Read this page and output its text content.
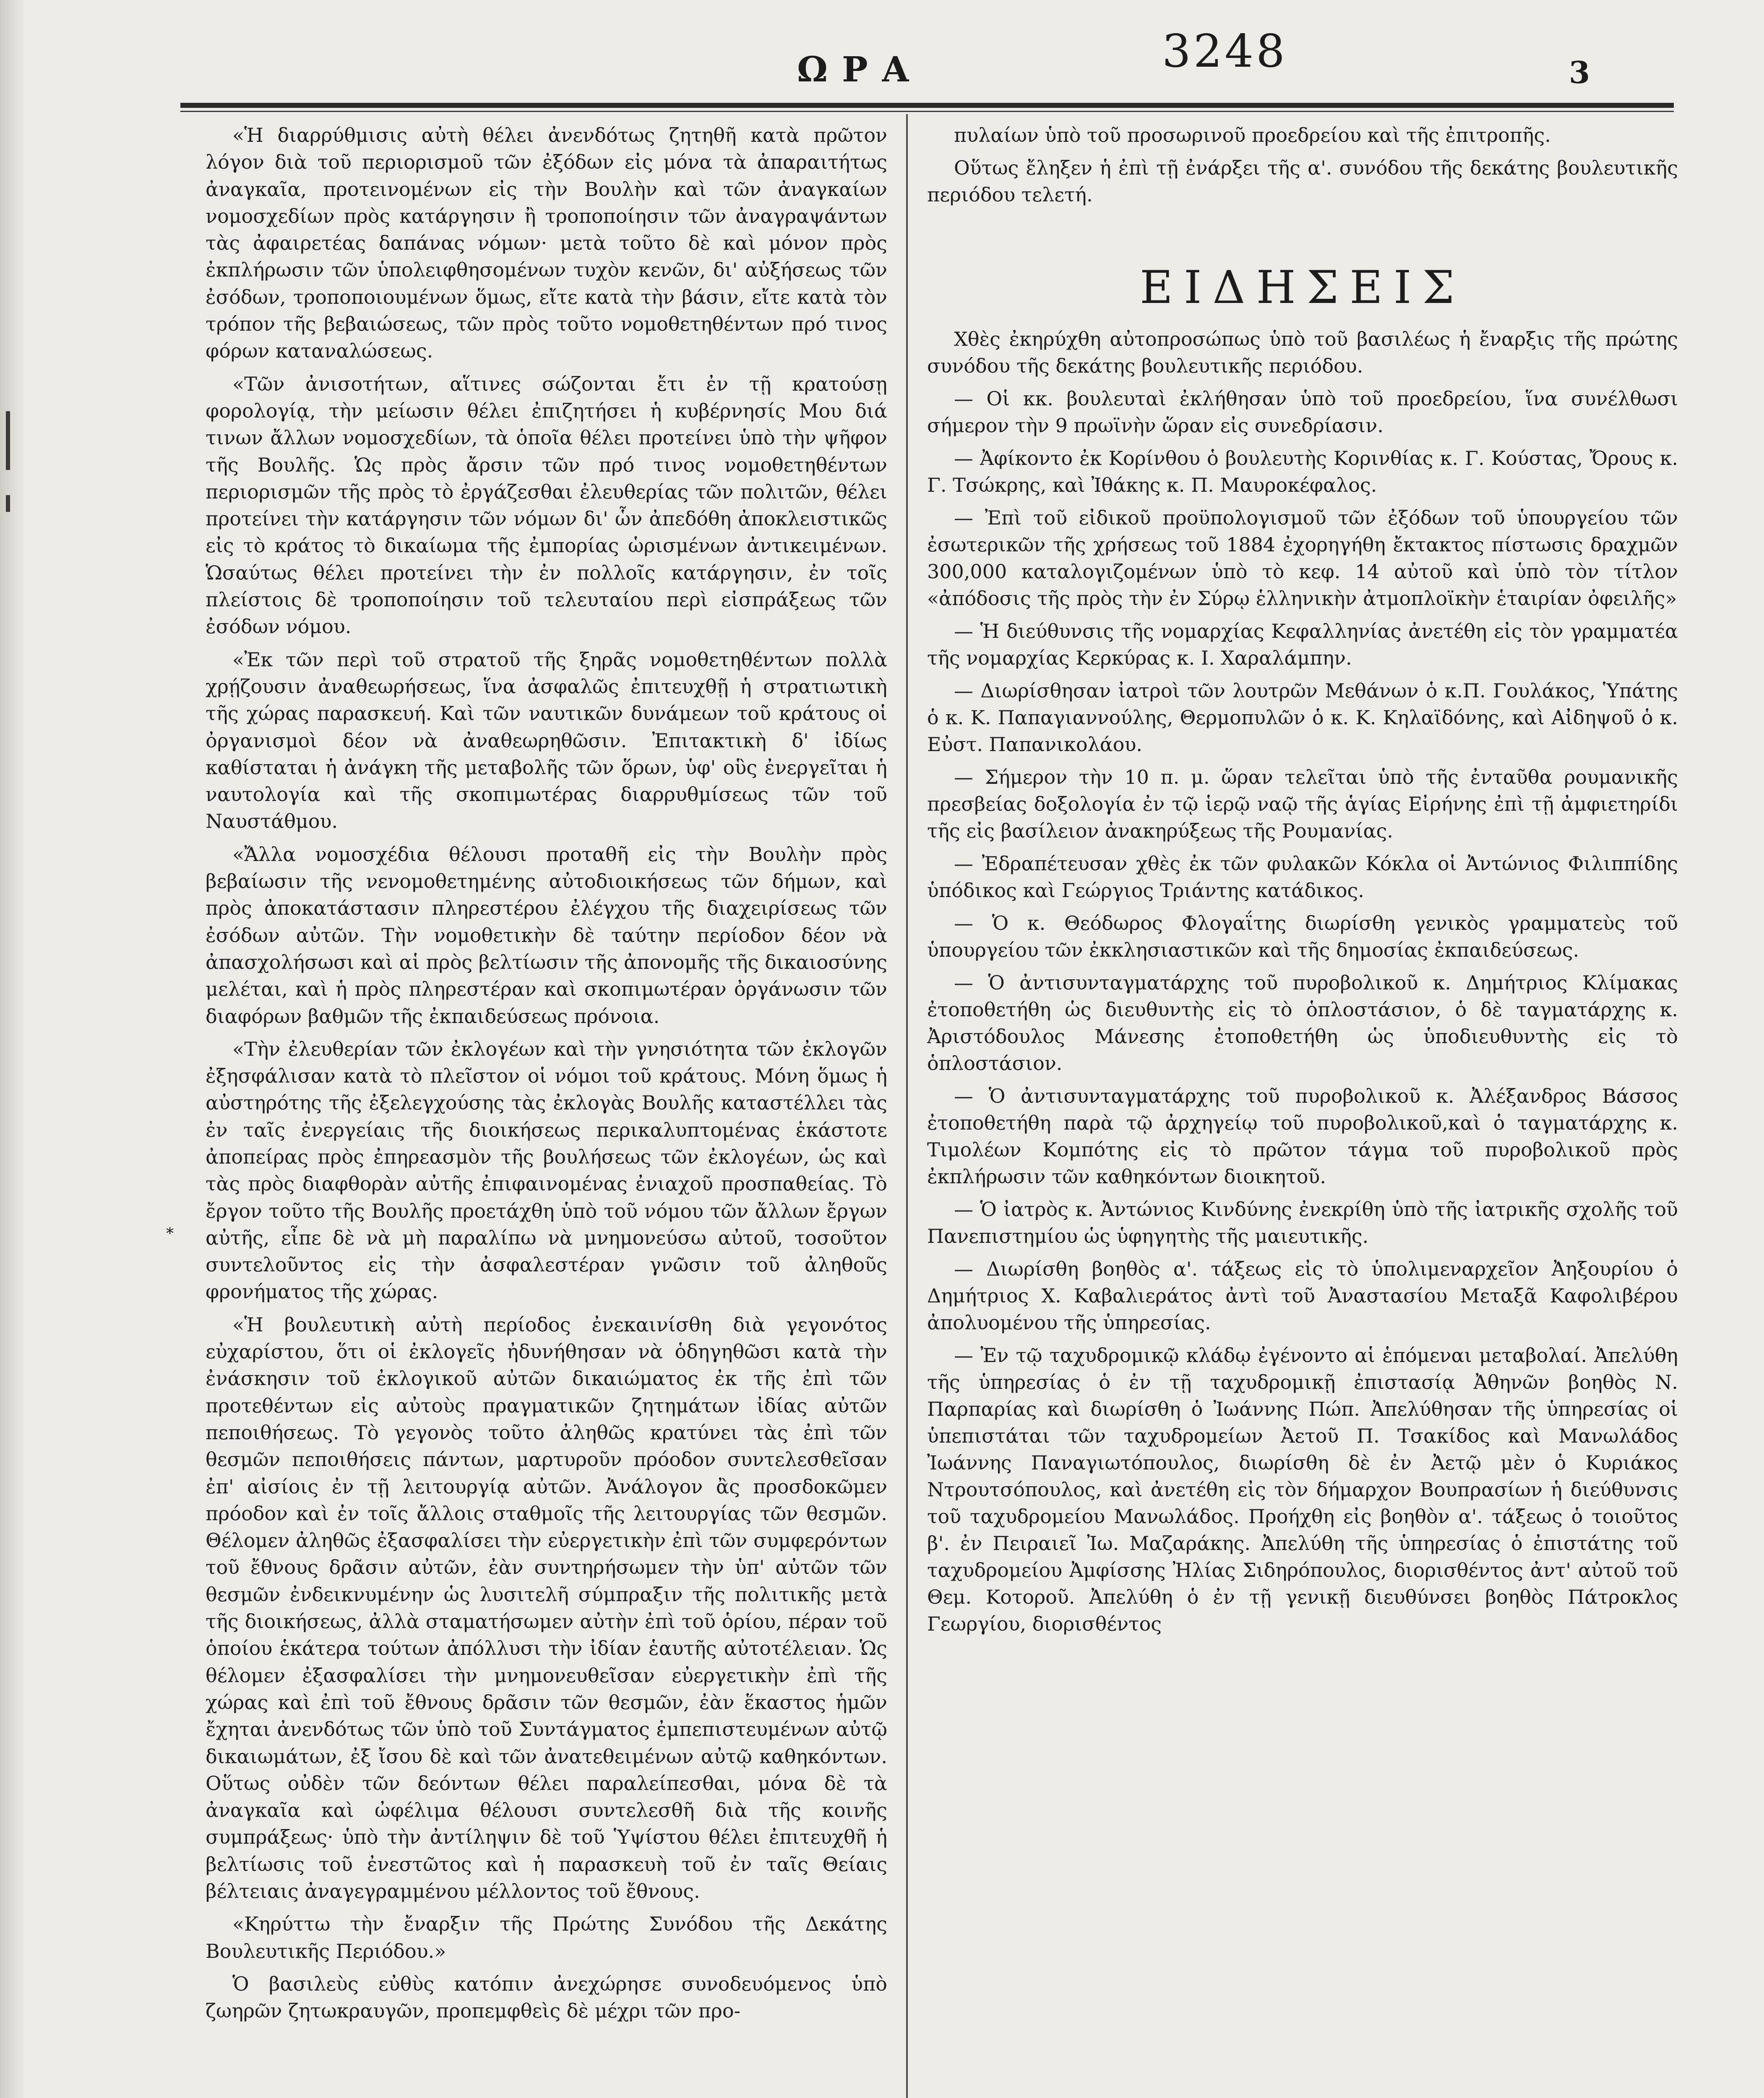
ΩΡΑ	3248	3
*

«Ἡ διαρρύθμισις αὐτὴ θέλει ἀνενδότως ζητηθῆ κατὰ πρῶτον λόγον διὰ τοῦ περιορισμοῦ τῶν ἐξόδων εἰς μόνα τὰ ἀπαραιτήτως ἀναγκαῖα, προτεινομένων εἰς τὴν Βουλὴν καὶ τῶν ἀναγκαίων νομοσχεδίων πρὸς κατάργησιν ἢ τροποποίησιν τῶν ἀναγραψάντων τὰς ἀφαιρετέας δαπάνας νόμων· μετὰ τοῦτο δὲ καὶ μόνον πρὸς ἐκπλήρωσιν τῶν ὑπολειφθησομένων τυχὸν κενῶν, δι' αὐξήσεως τῶν ἐσόδων, τροποποιουμένων ὅμως, εἴτε κατὰ τὴν βάσιν, εἴτε κατὰ τὸν τρόπον τῆς βεβαιώσεως, τῶν πρὸς τοῦτο νομοθετηθέντων πρό τινος φόρων καταναλώσεως.

«Τῶν ἀνισοτήτων, αἵτινες σώζονται ἔτι ἐν τῇ κρατούσῃ φορολογίᾳ, τὴν μείωσιν θέλει ἐπιζητήσει ἡ κυβέρνησίς Μου διά τινων ἄλλων νομοσχεδίων, τὰ ὁποῖα θέλει προτείνει ὑπὸ τὴν ψῆφον τῆς Βουλῆς. Ὡς πρὸς ἄρσιν τῶν πρό τινος νομοθετηθέντων περιορισμῶν τῆς πρὸς τὸ ἐργάζεσθαι ἐλευθερίας τῶν πολιτῶν, θέλει προτείνει τὴν κατάργησιν τῶν νόμων δι' ὧν ἀπεδόθη ἀποκλειστικῶς εἰς τὸ κράτος τὸ δικαίωμα τῆς ἐμπορίας ὡρισμένων ἀντικειμένων. Ὡσαύτως θέλει προτείνει τὴν ἐν πολλοῖς κατάργησιν, ἐν τοῖς πλείστοις δὲ τροποποίησιν τοῦ τελευταίου περὶ εἰσπράξεως τῶν ἐσόδων νόμου.

«Ἐκ τῶν περὶ τοῦ στρατοῦ τῆς ξηρᾶς νομοθετηθέντων πολλὰ χρῄζουσιν ἀναθεωρήσεως, ἵνα ἀσφαλῶς ἐπιτευχθῇ ἡ στρατιωτικὴ τῆς χώρας παρασκευή. Καὶ τῶν ναυτικῶν δυνάμεων τοῦ κράτους οἱ ὀργανισμοὶ δέον νὰ ἀναθεωρηθῶσιν. Ἐπιτακτικὴ δ' ἰδίως καθίσταται ἡ ἀνάγκη τῆς μεταβολῆς τῶν ὅρων, ὑφ' οὓς ἐνεργεῖται ἡ ναυτολογία καὶ τῆς σκοπιμωτέρας διαρρυθμίσεως τῶν τοῦ Ναυστάθμου.

«Ἄλλα νομοσχέδια θέλουσι προταθῆ εἰς τὴν Βουλὴν πρὸς βεβαίωσιν τῆς νενομοθετημένης αὐτοδιοικήσεως τῶν δήμων, καὶ πρὸς ἀποκατάστασιν πληρεστέρου ἐλέγχου τῆς διαχειρίσεως τῶν ἐσόδων αὐτῶν. Τὴν νομοθετικὴν δὲ ταύτην περίοδον δέον νὰ ἀπασχολήσωσι καὶ αἱ πρὸς βελτίωσιν τῆς ἀπονομῆς τῆς δικαιοσύνης μελέται, καὶ ἡ πρὸς πληρεστέραν καὶ σκοπιμωτέραν ὀργάνωσιν τῶν διαφόρων βαθμῶν τῆς ἐκπαιδεύσεως πρόνοια.

«Τὴν ἐλευθερίαν τῶν ἐκλογέων καὶ τὴν γνησιότητα τῶν ἐκλογῶν ἐξησφάλισαν κατὰ τὸ πλεῖστον οἱ νόμοι τοῦ κράτους. Μόνη ὅμως ἡ αὐστηρότης τῆς ἐξελεγχούσης τὰς ἐκλογὰς Βουλῆς καταστέλλει τὰς ἐν ταῖς ἐνεργείαις τῆς διοικήσεως περικαλυπτομένας ἑκάστοτε ἀποπείρας πρὸς ἐπηρεασμὸν τῆς βουλήσεως τῶν ἐκλογέων, ὡς καὶ τὰς πρὸς διαφθορὰν αὐτῆς ἐπιφαινομένας ἐνιαχοῦ προσπαθείας. Τὸ ἔργον τοῦτο τῆς Βουλῆς προετάχθη ὑπὸ τοῦ νόμου τῶν ἄλλων ἔργων αὐτῆς, εἶπε δὲ νὰ μὴ παραλίπω νὰ μνημονεύσω αὐτοῦ, τοσοῦτον συντελοῦντος εἰς τὴν ἀσφαλεστέραν γνῶσιν τοῦ ἀληθοῦς φρονήματος τῆς χώρας.

«Ἡ βουλευτικὴ αὐτὴ περίοδος ἐνεκαινίσθη διὰ γεγονότος εὐχαρίστου, ὅτι οἱ ἐκλογεῖς ἠδυνήθησαν νὰ ὁδηγηθῶσι κατὰ τὴν ἐνάσκησιν τοῦ ἐκλογικοῦ αὐτῶν δικαιώματος ἐκ τῆς ἐπὶ τῶν προτεθέντων εἰς αὐτοὺς πραγματικῶν ζητημάτων ἰδίας αὐτῶν πεποιθήσεως. Τὸ γεγονὸς τοῦτο ἀληθῶς κρατύνει τὰς ἐπὶ τῶν θεσμῶν πεποιθήσεις πάντων, μαρτυροῦν πρόοδον συντελεσθεῖσαν ἐπ' αἰσίοις ἐν τῇ λειτουργίᾳ αὐτῶν. Ἀνάλογον ἂς προσδοκῶμεν πρόοδον καὶ ἐν τοῖς ἄλλοις σταθμοῖς τῆς λειτουργίας τῶν θεσμῶν. Θέλομεν ἀληθῶς ἐξασφαλίσει τὴν εὐεργετικὴν ἐπὶ τῶν συμφερόντων τοῦ ἔθνους δρᾶσιν αὐτῶν, ἐὰν συντηρήσωμεν τὴν ὑπ' αὐτῶν τῶν θεσμῶν ἐνδεικνυμένην ὡς λυσιτελῆ σύμπραξιν τῆς πολιτικῆς μετὰ τῆς διοικήσεως, ἀλλὰ σταματήσωμεν αὐτὴν ἐπὶ τοῦ ὁρίου, πέραν τοῦ ὁποίου ἑκάτερα τούτων ἀπόλλυσι τὴν ἰδίαν ἑαυτῆς αὐτοτέλειαν. Ὡς θέλομεν ἐξασφαλίσει τὴν μνημονευθεῖσαν εὐεργετικὴν ἐπὶ τῆς χώρας καὶ ἐπὶ τοῦ ἔθνους δρᾶσιν τῶν θεσμῶν, ἐὰν ἕκαστος ἡμῶν ἔχηται ἀνενδότως τῶν ὑπὸ τοῦ Συντάγματος ἐμπεπιστευμένων αὐτῷ δικαιωμάτων, ἐξ ἴσου δὲ καὶ τῶν ἀνατεθειμένων αὐτῷ καθηκόντων. Οὕτως οὐδὲν τῶν δεόντων θέλει παραλείπεσθαι, μόνα δὲ τὰ ἀναγκαῖα καὶ ὠφέλιμα θέλουσι συντελεσθῆ διὰ τῆς κοινῆς συμπράξεως· ὑπὸ τὴν ἀντίληψιν δὲ τοῦ Ὑψίστου θέλει ἐπιτευχθῆ ἡ βελτίωσις τοῦ ἐνεστῶτος καὶ ἡ παρασκευὴ τοῦ ἐν ταῖς Θείαις βέλτειαις ἀναγεγραμμένου μέλλοντος τοῦ ἔθνους.

«Κηρύττω τὴν ἔναρξιν τῆς Πρώτης Συνόδου τῆς Δεκάτης Βουλευτικῆς Περιόδου.»

Ὁ βασιλεὺς εὐθὺς κατόπιν ἀνεχώρησε συνοδευόμενος ὑπὸ ζωηρῶν ζητωκραυγῶν, προπεμφθεὶς δὲ μέχρι τῶν προ-

πυλαίων ὑπὸ τοῦ προσωρινοῦ προεδρείου καὶ τῆς ἐπιτροπῆς.

Οὕτως ἔληξεν ἡ ἐπὶ τῇ ἐνάρξει τῆς α'. συνόδου τῆς δεκάτης βουλευτικῆς περιόδου τελετή.

ΕΙΔΗΣΕΙΣ

Χθὲς ἐκηρύχθη αὐτοπροσώπως ὑπὸ τοῦ βασιλέως ἡ ἔναρξις τῆς πρώτης συνόδου τῆς δεκάτης βουλευτικῆς περιόδου.

— Οἱ κκ. βουλευταὶ ἐκλήθησαν ὑπὸ τοῦ προεδρείου, ἵνα συνέλθωσι σήμερον τὴν 9 πρωϊνὴν ὥραν εἰς συνεδρίασιν.

— Ἀφίκοντο ἐκ Κορίνθου ὁ βουλευτὴς Κορινθίας κ. Γ. Κούστας, Ὄρους κ. Γ. Τσώκρης, καὶ Ἰθάκης κ. Π. Μαυροκέφαλος.

— Ἐπὶ τοῦ εἰδικοῦ προϋπολογισμοῦ τῶν ἐξόδων τοῦ ὑπουργείου τῶν ἐσωτερικῶν τῆς χρήσεως τοῦ 1884 ἐχορηγήθη ἔκτακτος πίστωσις δραχμῶν 300,000 καταλογιζομένων ὑπὸ τὸ κεφ. 14 αὐτοῦ καὶ ὑπὸ τὸν τίτλον «ἀπόδοσις τῆς πρὸς τὴν ἐν Σύρῳ ἑλληνικὴν ἀτμοπλοϊκὴν ἑταιρίαν ὀφειλῆς»

— Ἡ διεύθυνσις τῆς νομαρχίας Κεφαλληνίας ἀνετέθη εἰς τὸν γραμματέα τῆς νομαρχίας Κερκύρας κ. Ι. Χαραλάμπην.

— Διωρίσθησαν ἰατροὶ τῶν λουτρῶν Μεθάνων ὁ κ.Π. Γουλάκος, Ὑπάτης ὁ κ. Κ. Παπαγιαννούλης, Θερμοπυλῶν ὁ κ. Κ. Κηλαϊδόνης, καὶ Αἰδηψοῦ ὁ κ. Εὐστ. Παπανικολάου.

— Σήμερον τὴν 10 π. μ. ὥραν τελεῖται ὑπὸ τῆς ἐνταῦθα ρουμανικῆς πρεσβείας δοξολογία ἐν τῷ ἱερῷ ναῷ τῆς ἁγίας Εἰρήνης ἐπὶ τῇ ἀμφιετηρίδι τῆς εἰς βασίλειον ἀνακηρύξεως τῆς Ρουμανίας.

— Ἐδραπέτευσαν χθὲς ἐκ τῶν φυλακῶν Κόκλα οἱ Ἀντώνιος Φιλιππίδης ὑπόδικος καὶ Γεώργιος Τριάντης κατάδικος.

— Ὁ κ. Θεόδωρος Φλογαΐτης διωρίσθη γενικὸς γραμματεὺς τοῦ ὑπουργείου τῶν ἐκκλησιαστικῶν καὶ τῆς δημοσίας ἐκπαιδεύσεως.

— Ὁ ἀντισυνταγματάρχης τοῦ πυροβολικοῦ κ. Δημήτριος Κλίμακας ἐτοποθετήθη ὡς διευθυντὴς εἰς τὸ ὁπλοστάσιον, ὁ δὲ ταγματάρχης κ. Ἀριστόδουλος Μάνεσης ἐτοποθετήθη ὡς ὑποδιευθυντὴς εἰς τὸ ὁπλοστάσιον.

— Ὁ ἀντισυνταγματάρχης τοῦ πυροβολικοῦ κ. Ἀλέξανδρος Βάσσος ἐτοποθετήθη παρὰ τῷ ἀρχηγείῳ τοῦ πυροβολικοῦ,καὶ ὁ ταγματάρχης κ. Τιμολέων Κομπότης εἰς τὸ πρῶτον τάγμα τοῦ πυροβολικοῦ πρὸς ἐκπλήρωσιν τῶν καθηκόντων διοικητοῦ.

— Ὁ ἰατρὸς κ. Ἀντώνιος Κινδύνης ἐνεκρίθη ὑπὸ τῆς ἰατρικῆς σχολῆς τοῦ Πανεπιστημίου ὡς ὑφηγητὴς τῆς μαιευτικῆς.

— Διωρίσθη βοηθὸς α'. τάξεως εἰς τὸ ὑπολιμεναρχεῖον Ἀηξουρίου ὁ Δημήτριος Χ. Καβαλιεράτος ἀντὶ τοῦ Ἀναστασίου Μεταξᾶ Καφολιβέρου ἀπολυομένου τῆς ὑπηρεσίας.

— Ἐν τῷ ταχυδρομικῷ κλάδῳ ἐγένοντο αἱ ἑπόμεναι μεταβολαί. Ἀπελύθη τῆς ὑπηρεσίας ὁ ἐν τῇ ταχυδρομικῇ ἐπιστασίᾳ Ἀθηνῶν βοηθὸς Ν. Παρπαρίας καὶ διωρίσθη ὁ Ἰωάννης Πώπ. Ἀπελύθησαν τῆς ὑπηρεσίας οἱ ὑπεπιστάται τῶν ταχυδρομείων Ἀετοῦ Π. Τσακίδος καὶ Μανωλάδος Ἰωάννης Παναγιωτόπουλος, διωρίσθη δὲ ἐν Ἀετῷ μὲν ὁ Κυριάκος Ντρουτσόπουλος, καὶ ἀνετέθη εἰς τὸν δήμαρχον Βουπρασίων ἡ διεύθυνσις τοῦ ταχυδρομείου Μανωλάδος. Προήχθη εἰς βοηθὸν α'. τάξεως ὁ τοιοῦτος β'. ἐν Πειραιεῖ Ἰω. Μαζαράκης. Ἀπελύθη τῆς ὑπηρεσίας ὁ ἐπιστάτης τοῦ ταχυδρομείου Ἀμφίσσης Ἠλίας Σιδηρόπουλος, διορισθέντος ἀντ' αὐτοῦ τοῦ Θεμ. Κοτοροῦ. Ἀπελύθη ὁ ἐν τῇ γενικῇ διευθύνσει βοηθὸς Πάτροκλος Γεωργίου, διορισθέντος
